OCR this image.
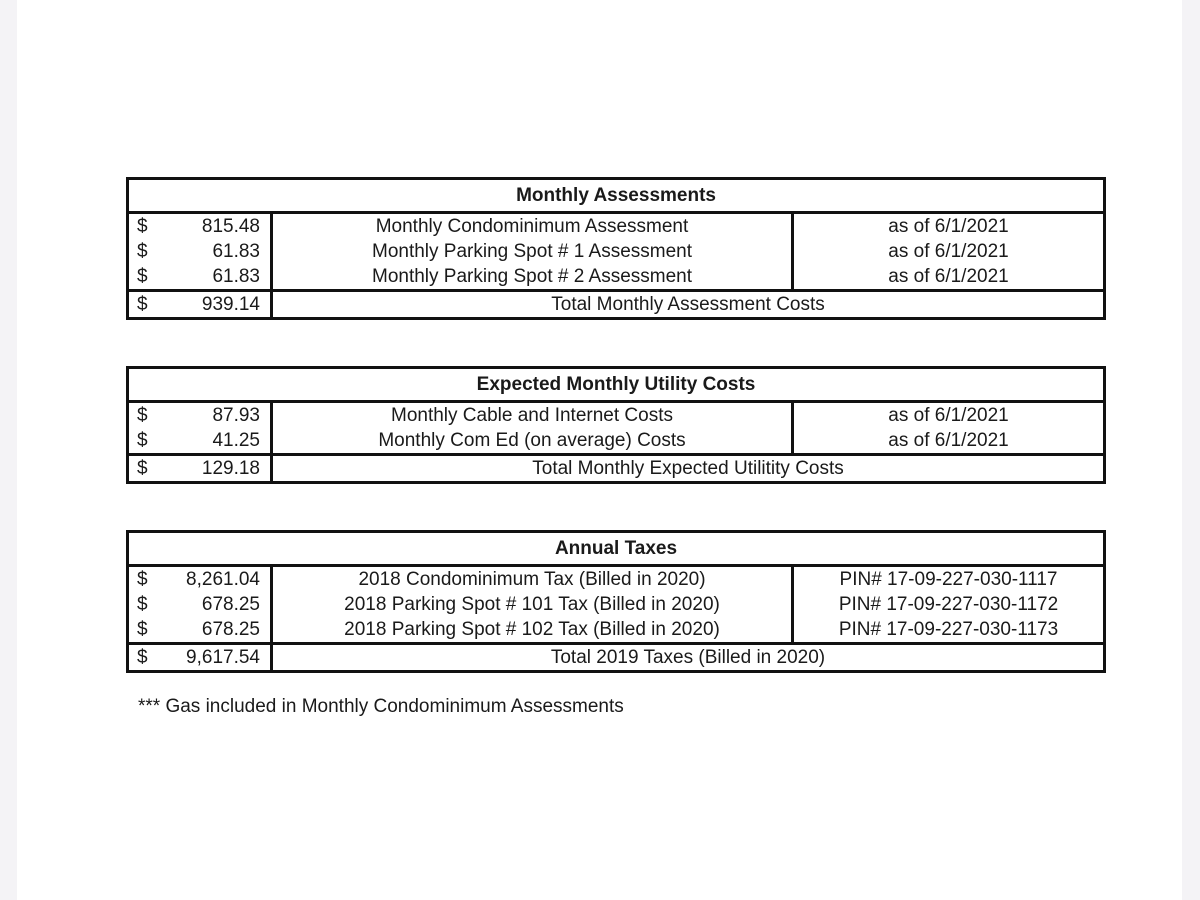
Monthly Assessments			
$	815.48	Monthly Condominimum Assessment	as of 6/1/2021
$	61.83	Monthly Parking Spot # 1 Assessment	as of 6/1/2021
$	61.83	Monthly Parking Spot # 2 Assessment	as of 6/1/2021
$	939.14	Total Monthly Assessment Costs	
Expected Monthly Utility Costs			
$	87.93	Monthly Cable and Internet Costs	as of 6/1/2021
$	41.25	Monthly Com Ed (on average) Costs	as of 6/1/2021
$	129.18	Total Monthly Expected Utilitity Costs	
Annual Taxes			
$	8,261.04	2018 Condominimum Tax (Billed in 2020)	PIN# 17-09-227-030-1117
$	678.25	2018 Parking Spot # 101 Tax (Billed in 2020)	PIN# 17-09-227-030-1172
$	678.25	2018 Parking Spot # 102 Tax (Billed in 2020)	PIN# 17-09-227-030-1173
$	9,617.54	Total 2019 Taxes (Billed in 2020)	
*** Gas included in Monthly Condominimum Assessments
